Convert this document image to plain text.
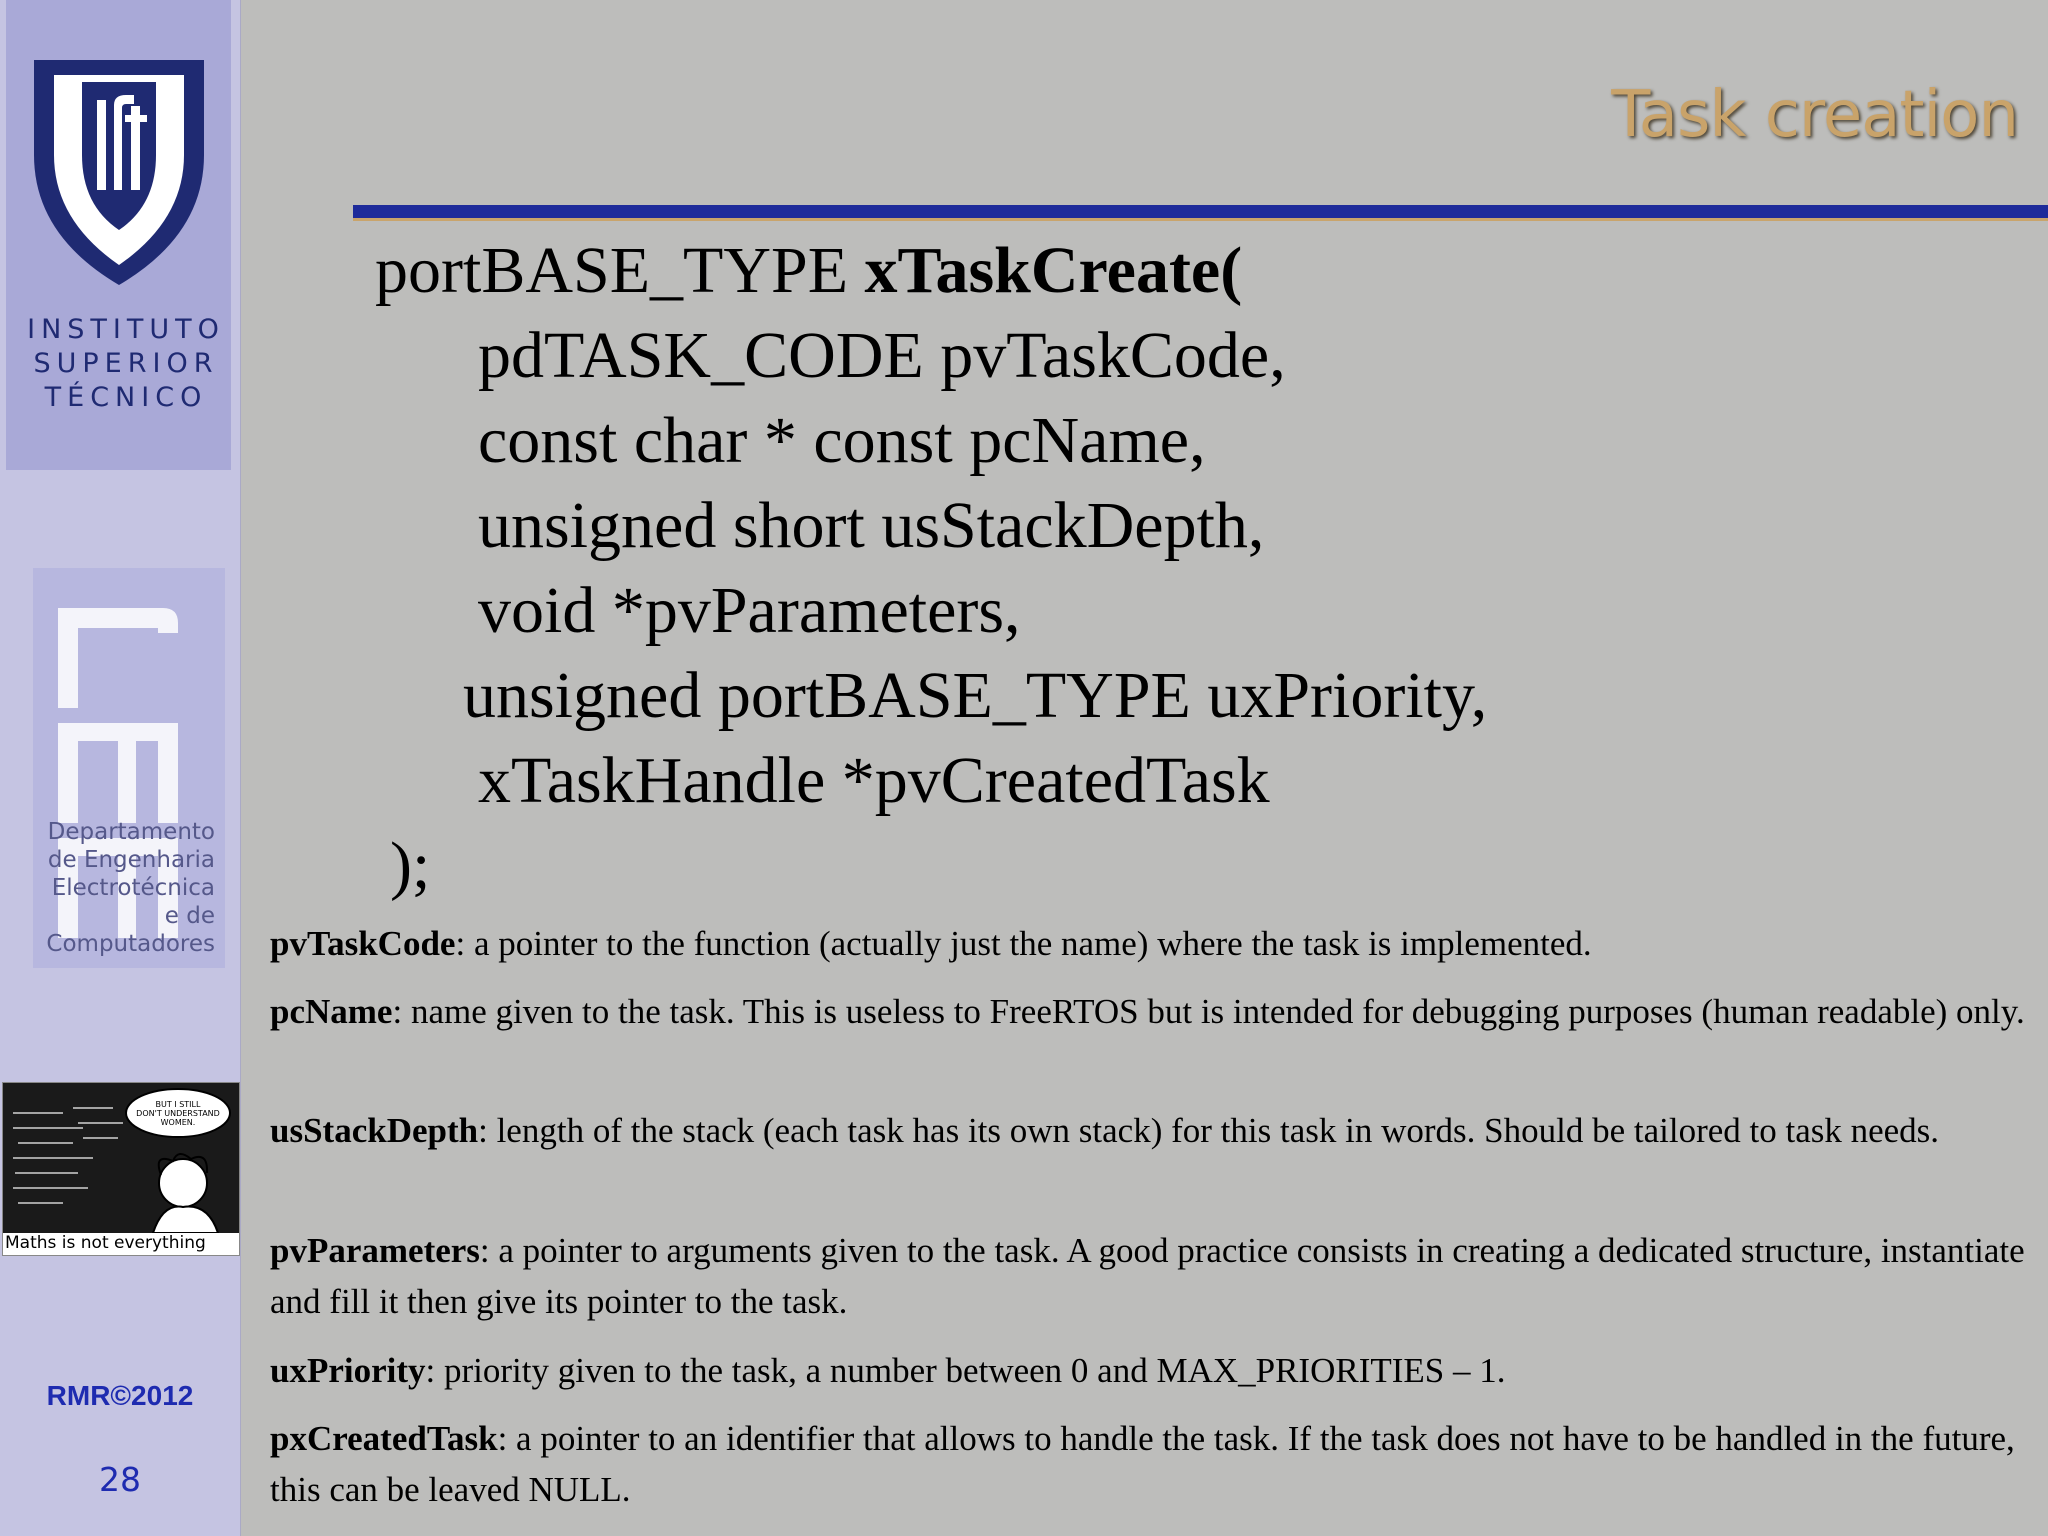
INSTITUTO
SUPERIOR
TÉCNICO
Departamento
de Engenharia
Electrotécnica
e de
Computadores
BUT I STILL
DON'T UNDERSTAND
WOMEN.
Maths is not everything
RMR©2012
28
Task creation
portBASE_TYPE xTaskCreate(
pdTASK_CODE pvTaskCode,
const char * const pcName,
unsigned short usStackDepth,
void *pvParameters,
unsigned portBASE_TYPE uxPriority,
xTaskHandle *pvCreatedTask
);
pvTaskCode: a pointer to the function (actually just the name) where the task is implemented.
pcName: name given to the task. This is useless to FreeRTOS but is intended for debugging purposes (human readable) only.
usStackDepth: length of the stack (each task has its own stack) for this task in words. Should be tailored to task needs.
pvParameters: a pointer to arguments given to the task. A good practice consists in creating a dedicated structure, instantiate and fill it then give its pointer to the task.
uxPriority: priority given to the task, a number between 0 and MAX_PRIORITIES – 1.
pxCreatedTask: a pointer to an identifier that allows to handle the task. If the task does not have to be handled in the future, this can be leaved NULL.
